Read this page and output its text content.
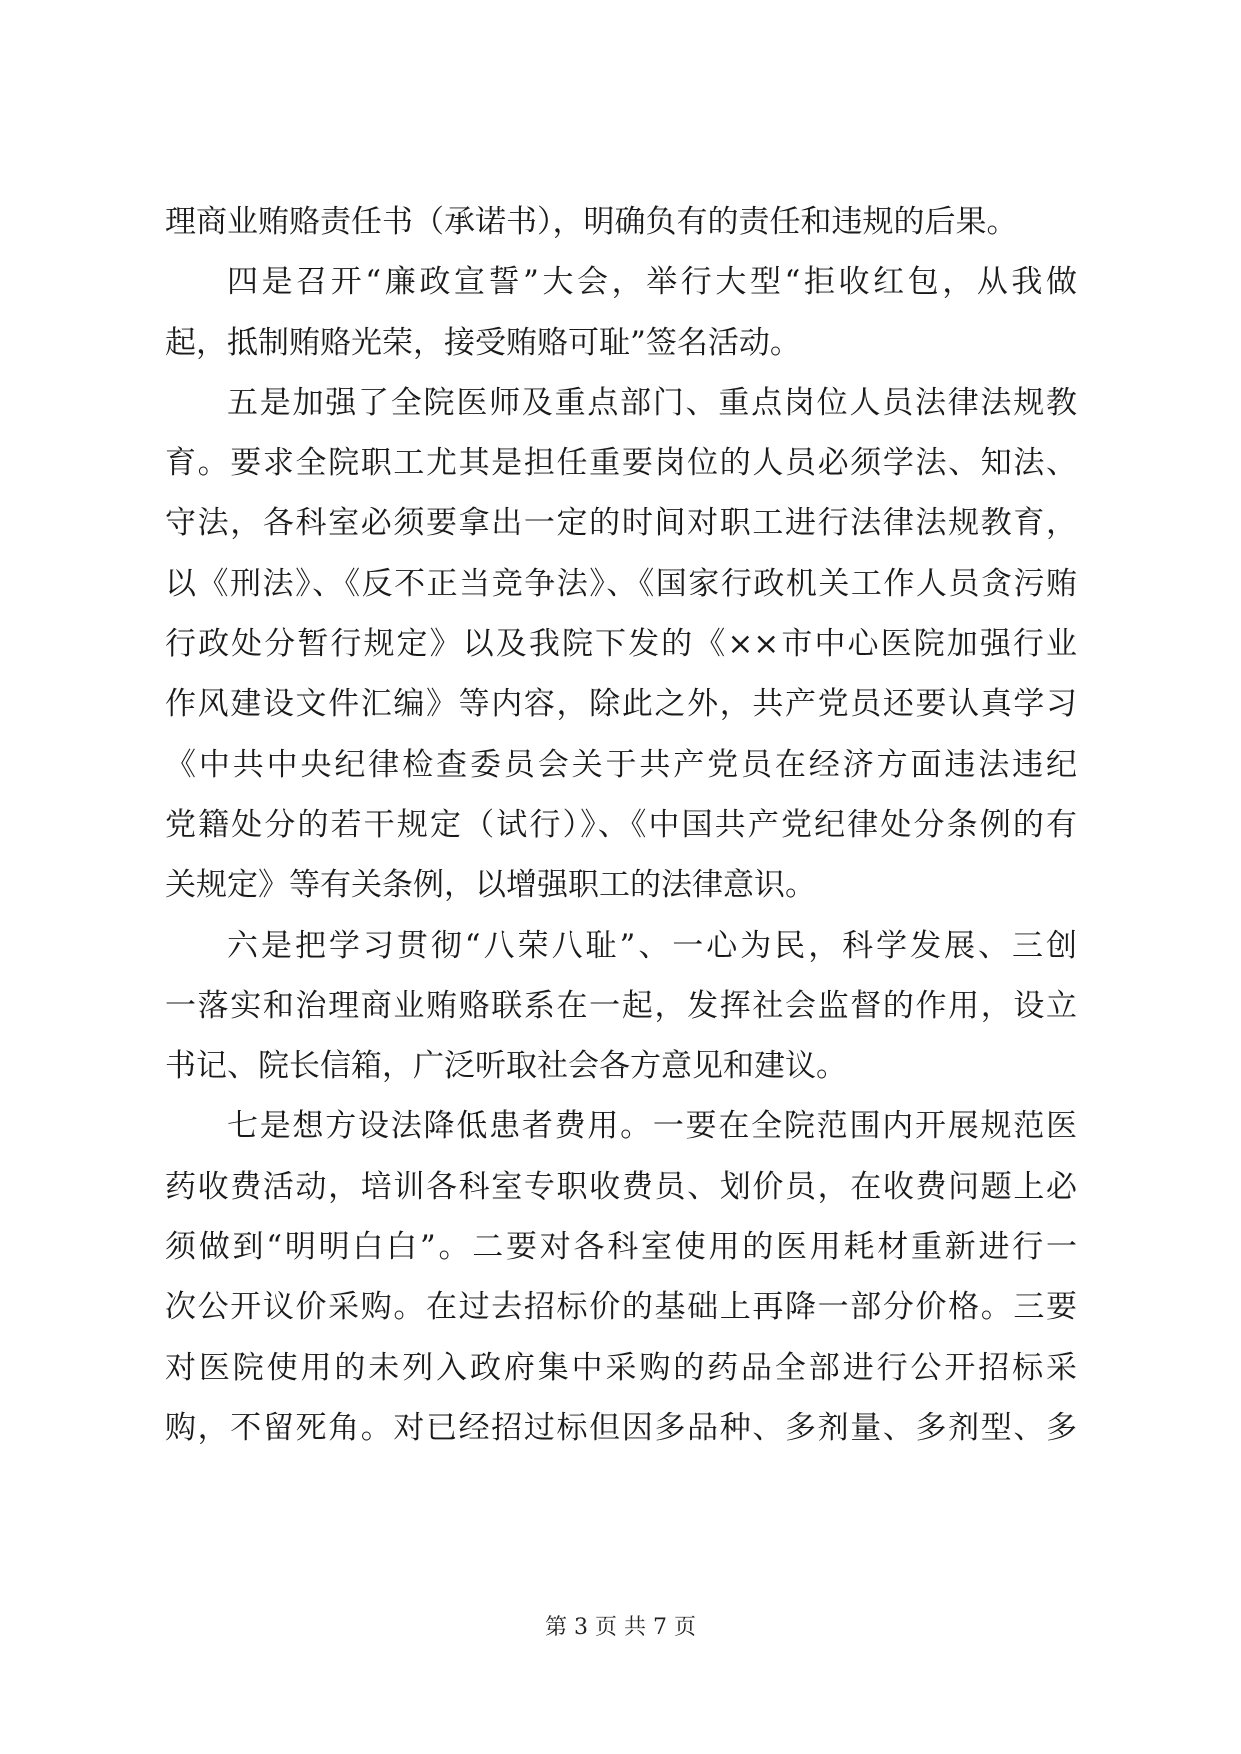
理商业贿赂责任书（承诺书），明确负有的责任和违规的后果。
四是召开“廉政宣誓”大会，举行大型“拒收红包，从我做
起，抵制贿赂光荣，接受贿赂可耻”签名活动。
五是加强了全院医师及重点部门、重点岗位人员法律法规教
育。要求全院职工尤其是担任重要岗位的人员必须学法、知法、
守法，各科室必须要拿出一定的时间对职工进行法律法规教育，
以《刑法》、《反不正当竞争法》、《国家行政机关工作人员贪污贿
行政处分暂行规定》以及我院下发的《××市中心医院加强行业
作风建设文件汇编》等内容，除此之外，共产党员还要认真学习
《中共中央纪律检查委员会关于共产党员在经济方面违法违纪
党籍处分的若干规定（试行）》、《中国共产党纪律处分条例的有
关规定》等有关条例，以增强职工的法律意识。
六是把学习贯彻“八荣八耻”、一心为民，科学发展、三创
一落实和治理商业贿赂联系在一起，发挥社会监督的作用，设立
书记、院长信箱，广泛听取社会各方意见和建议。
七是想方设法降低患者费用。一要在全院范围内开展规范医
药收费活动，培训各科室专职收费员、划价员，在收费问题上必
须做到“明明白白”。二要对各科室使用的医用耗材重新进行一
次公开议价采购。在过去招标价的基础上再降一部分价格。三要
对医院使用的未列入政府集中采购的药品全部进行公开招标采
购，不留死角。对已经招过标但因多品种、多剂量、多剂型、多
第 3 页 共 7 页
